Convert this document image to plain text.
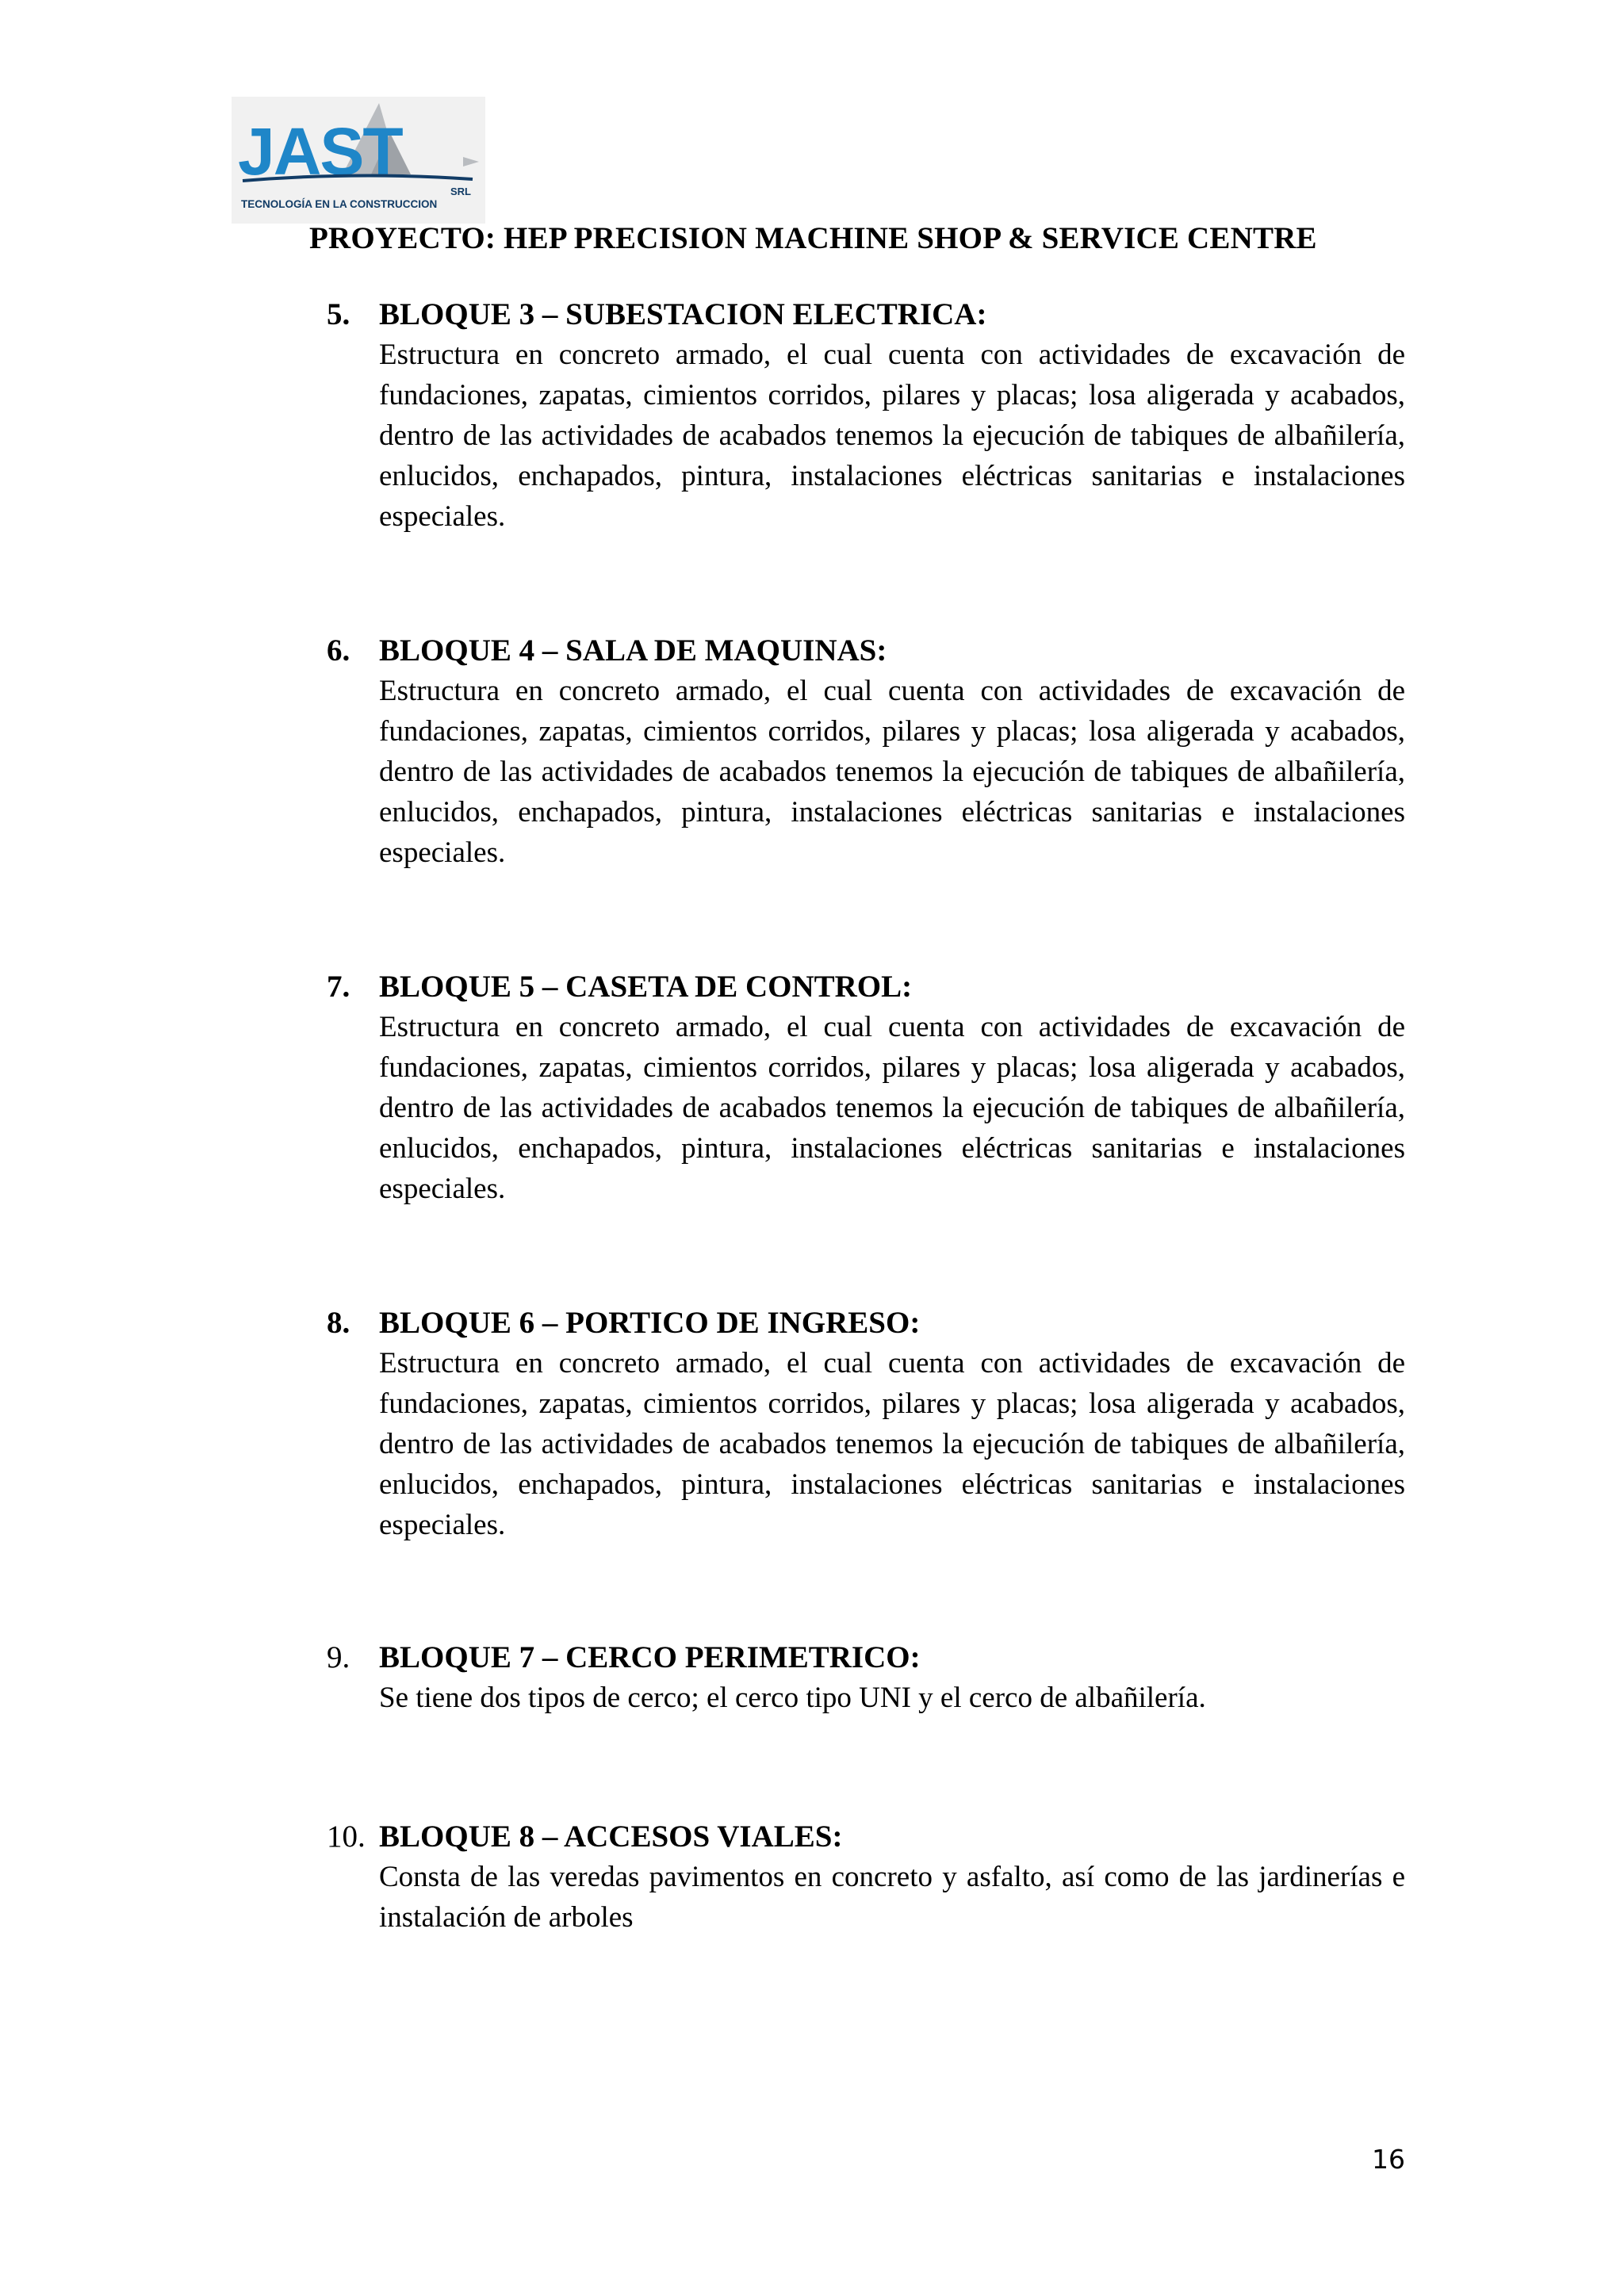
JAST
SRL
TECNOLOGÍA EN LA CONSTRUCCION
PROYECTO: HEP PRECISION MACHINE SHOP & SERVICE CENTRE
5. BLOQUE 3 – SUBESTACION ELECTRICA:
Estructura en concreto armado, el cual cuenta con actividades de excavación de fundaciones, zapatas, cimientos corridos, pilares y placas; losa aligerada y acabados, dentro de las actividades de acabados tenemos la ejecución de tabiques de albañilería, enlucidos, enchapados, pintura, instalaciones eléctricas sanitarias e instalaciones especiales.
6. BLOQUE 4 – SALA DE MAQUINAS:
Estructura en concreto armado, el cual cuenta con actividades de excavación de fundaciones, zapatas, cimientos corridos, pilares y placas; losa aligerada y acabados, dentro de las actividades de acabados tenemos la ejecución de tabiques de albañilería, enlucidos, enchapados, pintura, instalaciones eléctricas sanitarias e instalaciones especiales.
7. BLOQUE 5 – CASETA DE CONTROL:
Estructura en concreto armado, el cual cuenta con actividades de excavación de fundaciones, zapatas, cimientos corridos, pilares y placas; losa aligerada y acabados, dentro de las actividades de acabados tenemos la ejecución de tabiques de albañilería, enlucidos, enchapados, pintura, instalaciones eléctricas sanitarias e instalaciones especiales.
8. BLOQUE 6 – PORTICO DE INGRESO:
Estructura en concreto armado, el cual cuenta con actividades de excavación de fundaciones, zapatas, cimientos corridos, pilares y placas; losa aligerada y acabados, dentro de las actividades de acabados tenemos la ejecución de tabiques de albañilería, enlucidos, enchapados, pintura, instalaciones eléctricas sanitarias e instalaciones especiales.
9. BLOQUE 7 – CERCO PERIMETRICO:
Se tiene dos tipos de cerco; el cerco tipo UNI y el cerco de albañilería.
10. BLOQUE 8 – ACCESOS VIALES:
Consta de las veredas pavimentos en concreto y asfalto, así como de las jardinerías e instalación de arboles
16
